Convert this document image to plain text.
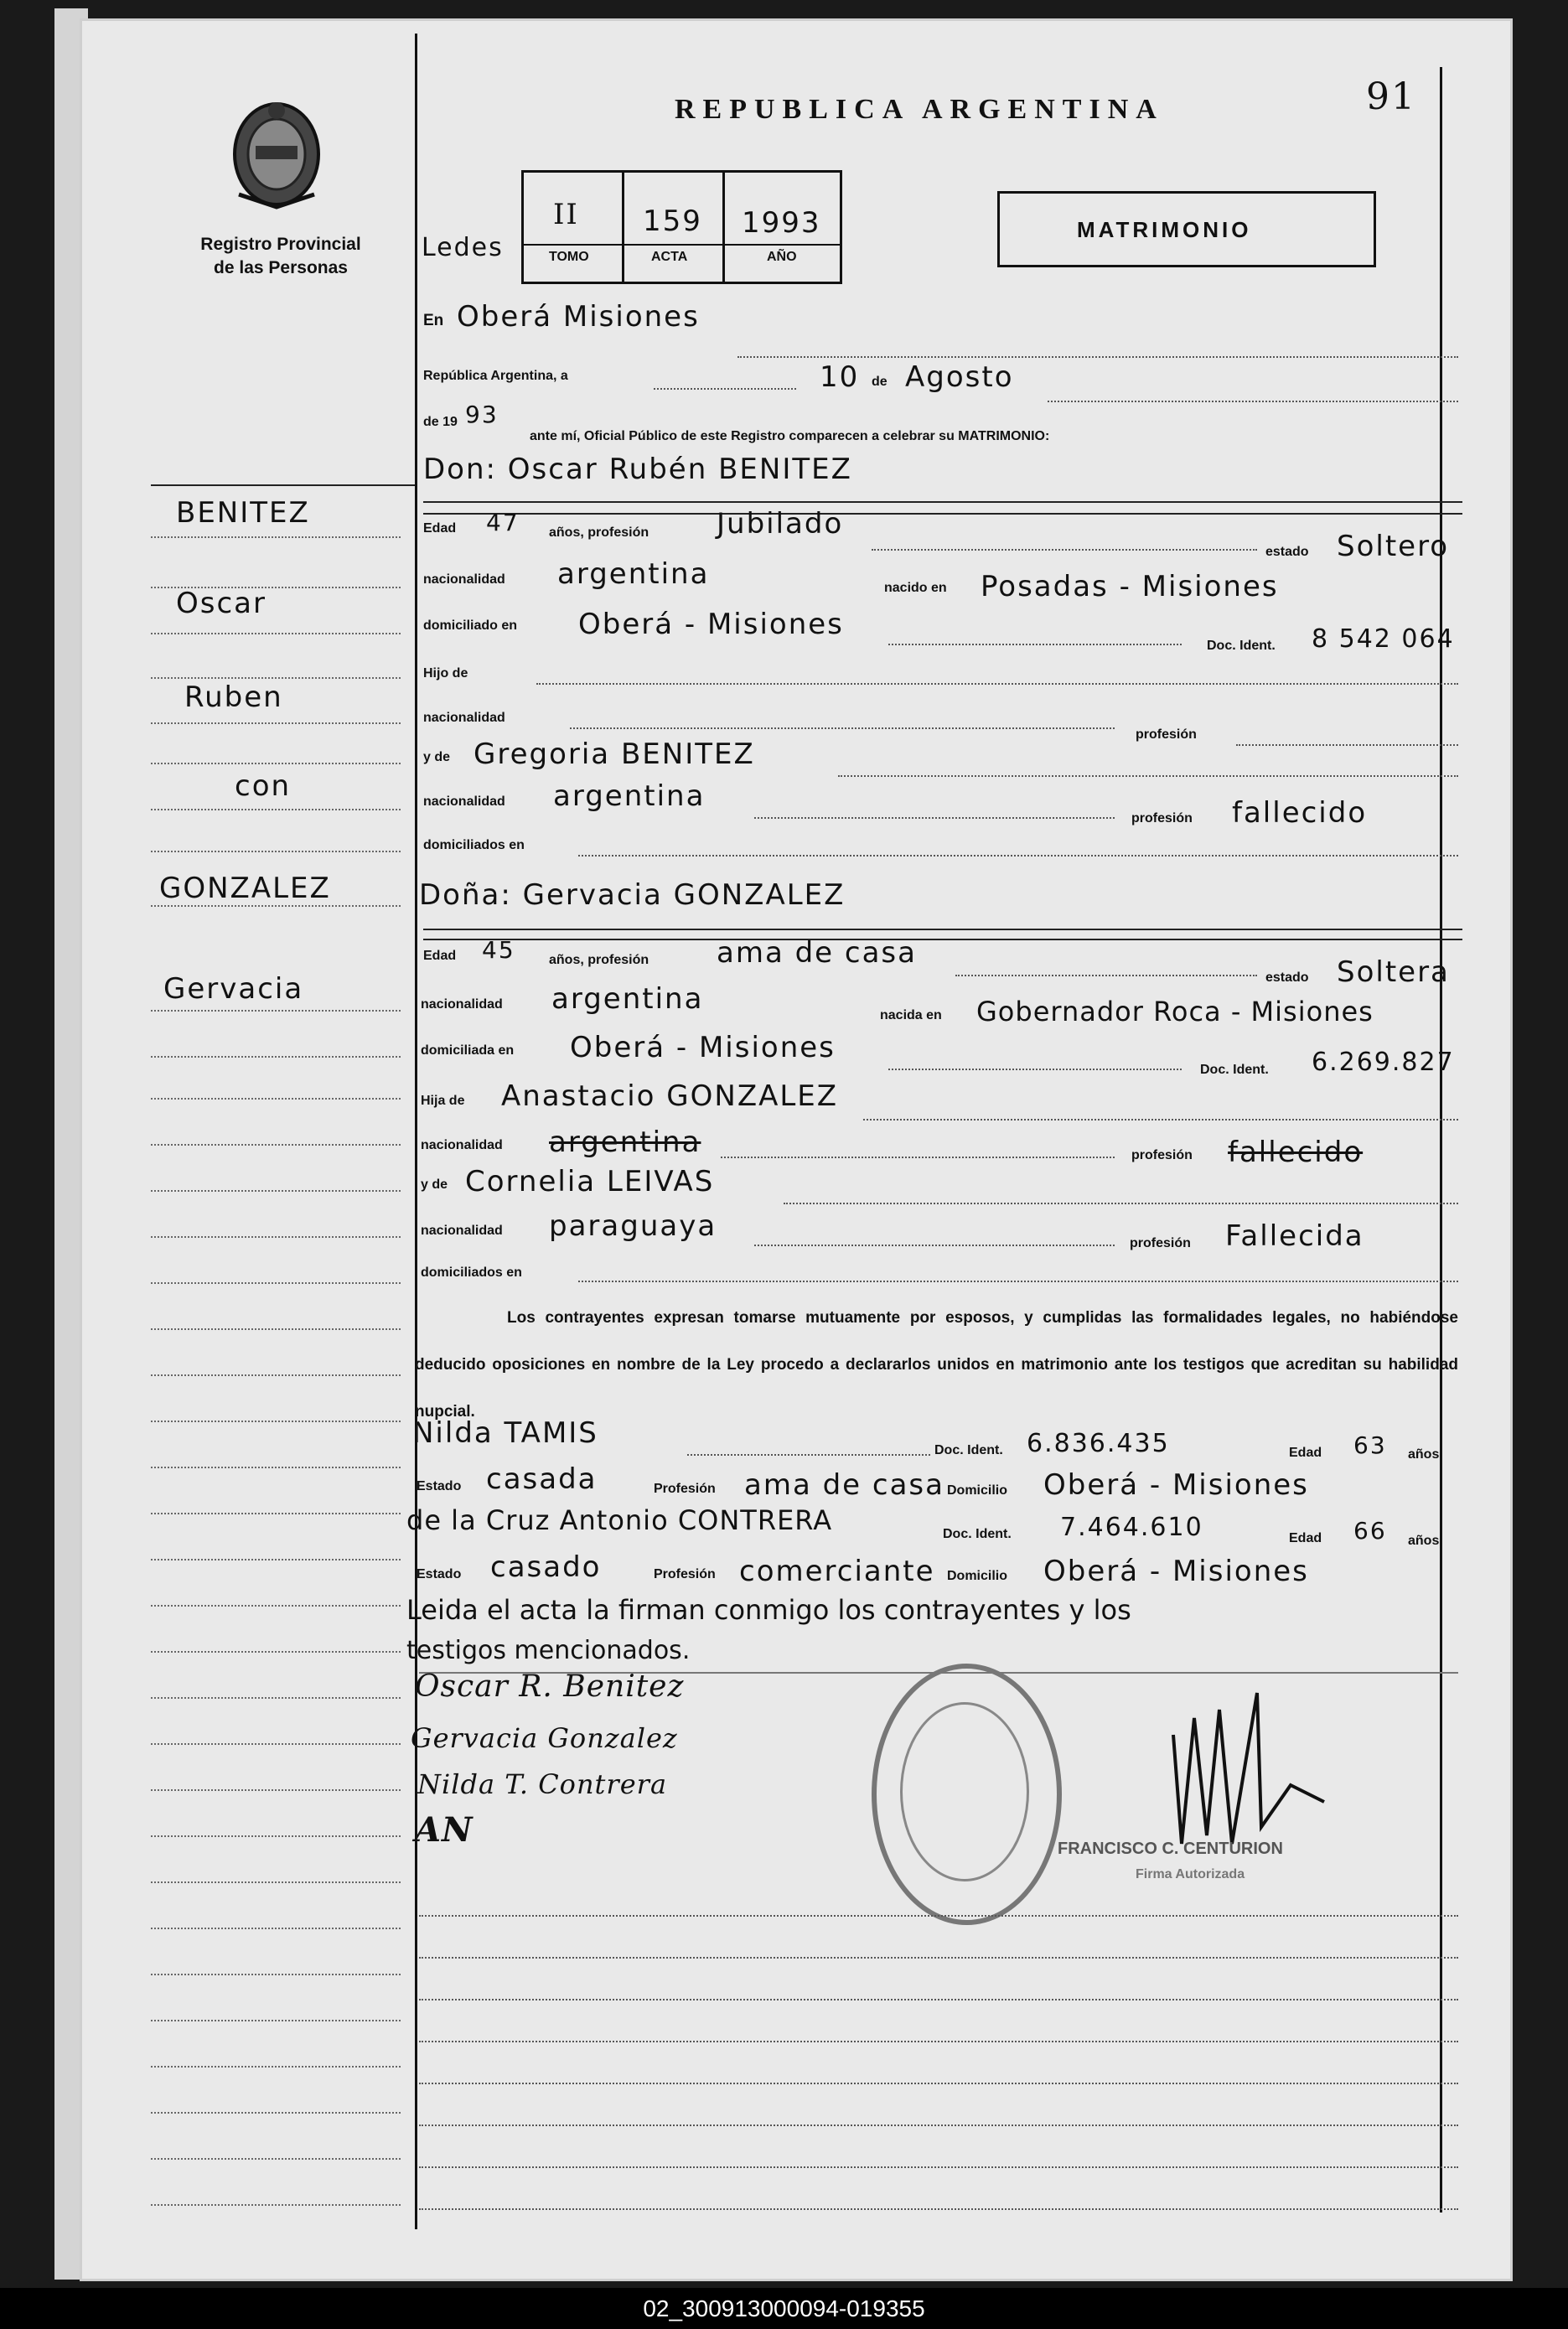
Registro Provincial
de las Personas
REPUBLICA ARGENTINA	91
Ledes
II
TOMO
159
ACTA
1993
AÑO
MATRIMONIO
BENITEZ
Oscar
Ruben
con
GONZALEZ
Gervacia
En Oberá Misiones
República Argentina, a	10 de Agosto
de 19 93
ante mí, Oficial Público de este Registro comparecen a celebrar su MATRIMONIO:
Don: Oscar Rubén BENITEZ
Edad 47 años, profesión Jubilado
estado Soltero
nacionalidad argentina	nacido en Posadas - Misiones
domiciliado en Oberá - Misiones
Doc. Ident. 8 542 064
Hijo de
nacionalidad
profesión
y de Gregoria BENITEZ
nacionalidad argentina
profesión fallecido
domiciliados en
Doña: Gervacia GONZALEZ
Edad 45	años, profesión ama de casa
estado Soltera
nacionalidad argentina	nacida en Gobernador Roca - Misiones
domiciliada en Oberá - Misiones
Doc. Ident. 6.269.827
Hija de Anastacio GONZALEZ
nacionalidad argentina	profesión fallecido
y de Cornelia LEIVAS
nacionalidad paraguaya
profesión Fallecida
domiciliados en
Los contrayentes expresan tomarse mutuamente por esposos, y cumplidas las formalidades legales, no habiéndose deducido oposiciones en nombre de la Ley procedo a declararlos unidos en matrimonio ante los testigos que acreditan su habilidad nupcial.
Nilda TAMIS
Doc. Ident. 6.836.435	Edad 63 años
Estado casada	Profesión ama de casa Domicilio Oberá - Misiones
de la Cruz Antonio CONTRERA	Doc. Ident. 7.464.610	Edad 66 años
Estado casado	Profesión comerciante Domicilio Oberá - Misiones
Leida el acta la firman conmigo los contrayentes y los
testigos mencionados.
Oscar R. Benitez
Gervacia Gonzalez
Nilda T. Contrera
AN	FRANCISCO C. CENTURION
Firma Autorizada
02_300913000094-019355
